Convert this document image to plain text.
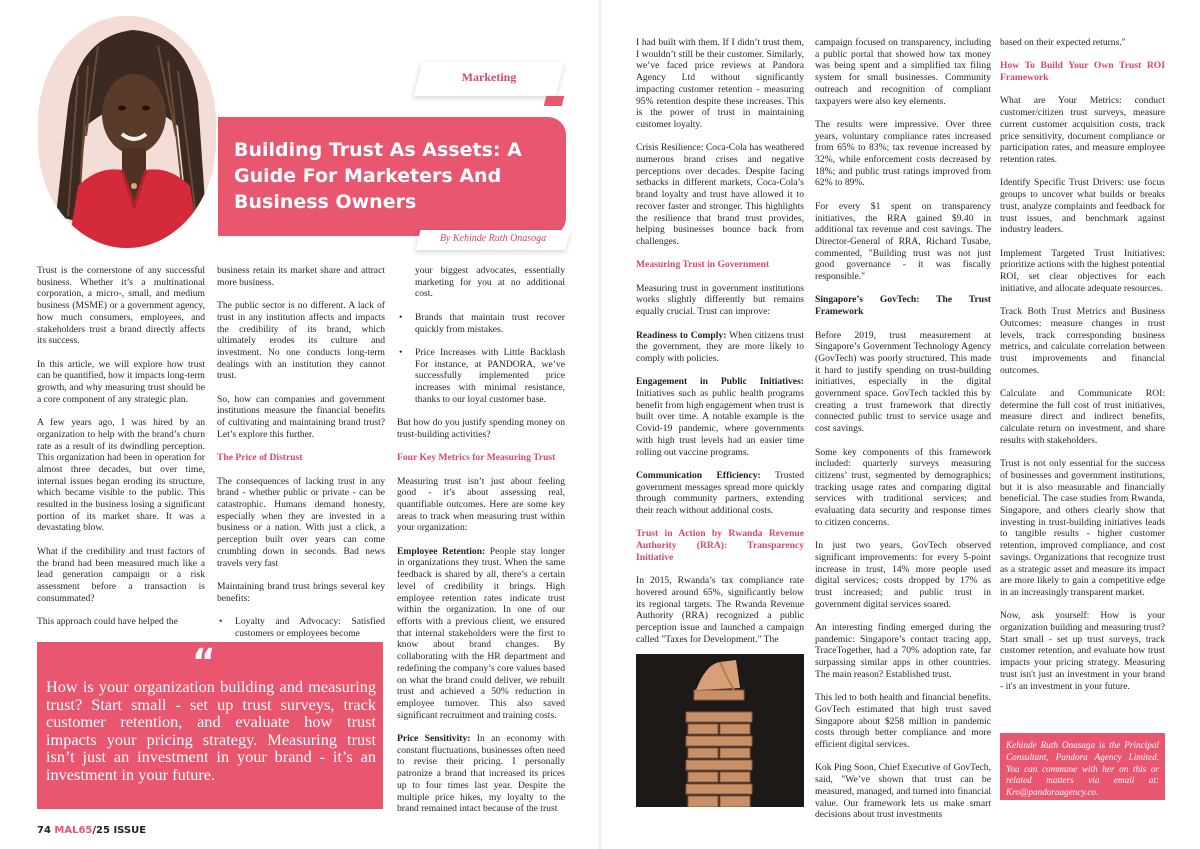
Marketing
Building Trust As Assets: A Guide For Marketers And Business Owners
By Kehinde Ruth Onasoga

Trust is the cornerstone of any successful business. Whether it’s a multinational corporation, a micro-, small, and medium business (MSME) or a government agency, how much consumers, employees, and stakeholders trust a brand directly affects its success.

In this article, we will explore how trust can be quantified, how it impacts long-term growth, and why measuring trust should be a core component of any strategic plan.

A few years ago, I was hired by an organization to help with the brand’s churn rate as a result of its dwindling perception. This organization had been in operation for almost three decades, but over time, internal issues began eroding its structure, which became visible to the public. This resulted in the business losing a significant portion of its market share. It was a devastating blow.

What if the credibility and trust factors of the brand had been measured much like a lead generation campaign or a risk assessment before a transaction is consummated?

This approach could have helped the

business retain its market share and attract more business.

The public sector is no different. A lack of trust in any institution affects and impacts the credibility of its brand, which ultimately erodes its culture and investment. No one conducts long-term dealings with an institution they cannot trust.

So, how can companies and government institutions measure the financial benefits of cultivating and maintaining brand trust? Let’s explore this further.

The Price of Distrust

The consequences of lacking trust in any brand - whether public or private - can be catastrophic. Humans demand honesty, especially when they are invested in a business or a nation. With just a click, a perception built over years can come crumbling down in seconds. Bad news travels very fast

Maintaining brand trust brings several key benefits:

• Loyalty and Advocacy: Satisfied customers or employees become

your biggest advocates, essentially marketing for you at no additional cost.

• Brands that maintain trust recover quickly from mistakes.

• Price Increases with Little Backlash For instance, at PANDORA, we’ve successfully implemented price increases with minimal resistance, thanks to our loyal customer base.

But how do you justify spending money on trust-building activities?

Four Key Metrics for Measuring Trust

Measuring trust isn’t just about feeling good - it’s about assessing real, quantifiable outcomes. Here are some key areas to track when measuring trust within your organization:

Employee Retention: People stay longer in organizations they trust. When the same feedback is shared by all, there’s a certain level of credibility it brings. High employee retention rates indicate trust within the organization. In one of our efforts with a previous client, we ensured that internal stakeholders were the first to know about brand changes. By collaborating with the HR department and redefining the company’s core values based on what the brand could deliver, we rebuilt trust and achieved a 50% reduction in employee turnover. This also saved significant recruitment and training costs.

Price Sensitivity: In an economy with constant fluctuations, businesses often need to revise their pricing. I personally patronize a brand that increased its prices up to four times last year. Despite the multiple price hikes, my loyalty to the brand remained intact because of the trust

“
How is your organization building and measuring trust? Start small - set up trust surveys, track customer retention, and evaluate how trust impacts your pricing strategy. Measuring trust isn’t just an investment in your brand - it’s an investment in your future.
74 MAL65/25 ISSUE

I had built with them. If I didn’t trust them, I wouldn’t still be their customer. Similarly, we’ve faced price reviews at Pandora Agency Ltd without significantly impacting customer retention - measuring 95% retention despite these increases. This is the power of trust in maintaining customer loyalty.

Crisis Resilience: Coca-Cola has weathered numerous brand crises and negative perceptions over decades. Despite facing setbacks in different markets, Coca-Cola’s brand loyalty and trust have allowed it to recover faster and stronger. This highlights the resilience that brand trust provides, helping businesses bounce back from challenges.

Measuring Trust in Government

Measuring trust in government institutions works slightly differently but remains equally crucial. Trust can improve:

Readiness to Comply: When citizens trust the government, they are more likely to comply with policies.

Engagement in Public Initiatives: Initiatives such as public health programs benefit from high engagement when trust is built over time. A notable example is the Covid-19 pandemic, where governments with high trust levels had an easier time rolling out vaccine programs.

Communication Efficiency: Trusted government messages spread more quickly through community partners, extending their reach without additional costs.

Trust in Action by Rwanda Revenue Authority (RRA): Transparency Initiative

In 2015, Rwanda’s tax compliance rate hovered around 65%, significantly below its regional targets. The Rwanda Revenue Authority (RRA) recognized a public perception issue and launched a campaign called "Taxes for Development." The

campaign focused on transparency, including a public portal that showed how tax money was being spent and a simplified tax filing system for small businesses. Community outreach and recognition of compliant taxpayers were also key elements.

The results were impressive. Over three years, voluntary compliance rates increased from 65% to 83%; tax revenue increased by 32%, while enforcement costs decreased by 18%; and public trust ratings improved from 62% to 89%.

For every $1 spent on transparency initiatives, the RRA gained $9.40 in additional tax revenue and cost savings. The Director-General of RRA, Richard Tusabe, commented, "Building trust was not just good governance - it was fiscally responsible."

Singapore’s GovTech: The Trust Framework

Before 2019, trust measurement at Singapore’s Government Technology Agency (GovTech) was poorly structured. This made it hard to justify spending on trust-building initiatives, especially in the digital government space. GovTech tackled this by creating a trust framework that directly connected public trust to service usage and cost savings.

Some key components of this framework included: quarterly surveys measuring citizens’ trust, segmented by demographics; tracking usage rates and comparing digital services with traditional services; and evaluating data security and response times to citizen concerns.

In just two years, GovTech observed significant improvements: for every 5-point increase in trust, 14% more people used digital services; costs dropped by 17% as trust increased; and public trust in government digital services soared.

An interesting finding emerged during the pandemic: Singapore’s contact tracing app, TraceTogether, had a 70% adoption rate, far surpassing similar apps in other countries. The main reason? Established trust.

This led to both health and financial benefits. GovTech estimated that high trust saved Singapore about $258 million in pandemic costs through better compliance and more efficient digital services.

Kok Ping Soon, Chief Executive of GovTech, said, "We’ve shown that trust can be measured, managed, and turned into financial value. Our framework lets us make smart decisions about trust investments

based on their expected returns."

How To Build Your Own Trust ROI Framework

What are Your Metrics: conduct customer/citizen trust surveys, measure current customer acquisition costs, track price sensitivity, document compliance or participation rates, and measure employee retention rates.

Identify Specific Trust Drivers: use focus groups to uncover what builds or breaks trust, analyze complaints and feedback for trust issues, and benchmark against industry leaders.

Implement Targeted Trust Initiatives: prioritize actions with the highest potential ROI, set clear objectives for each initiative, and allocate adequate resources.

Track Both Trust Metrics and Business Outcomes: measure changes in trust levels, track corresponding business metrics, and calculate correlation between trust improvements and financial outcomes.

Calculate and Communicate ROI: determine the full cost of trust initiatives, measure direct and indirect benefits, calculate return on investment, and share results with stakeholders.

Trust is not only essential for the success of businesses and government institutions, but it is also measurable and financially beneficial. The case studies from Rwanda, Singapore, and others clearly show that investing in trust-building initiatives leads to tangible results - higher customer retention, improved compliance, and cost savings. Organizations that recognize trust as a strategic asset and measure its impact are more likely to gain a competitive edge in an increasingly transparent market.

Now, ask yourself: How is your organization building and measuring trust? Start small - set up trust surveys, track customer retention, and evaluate how trust impacts your pricing strategy. Measuring trust isn't just an investment in your brand - it's an investment in your future.

Kehinde Ruth Onasaga is the Principal Consultant, Pandora Agency Limited. You can commune with her on this or related matters via email at: Kro@pandoraagency.co.
